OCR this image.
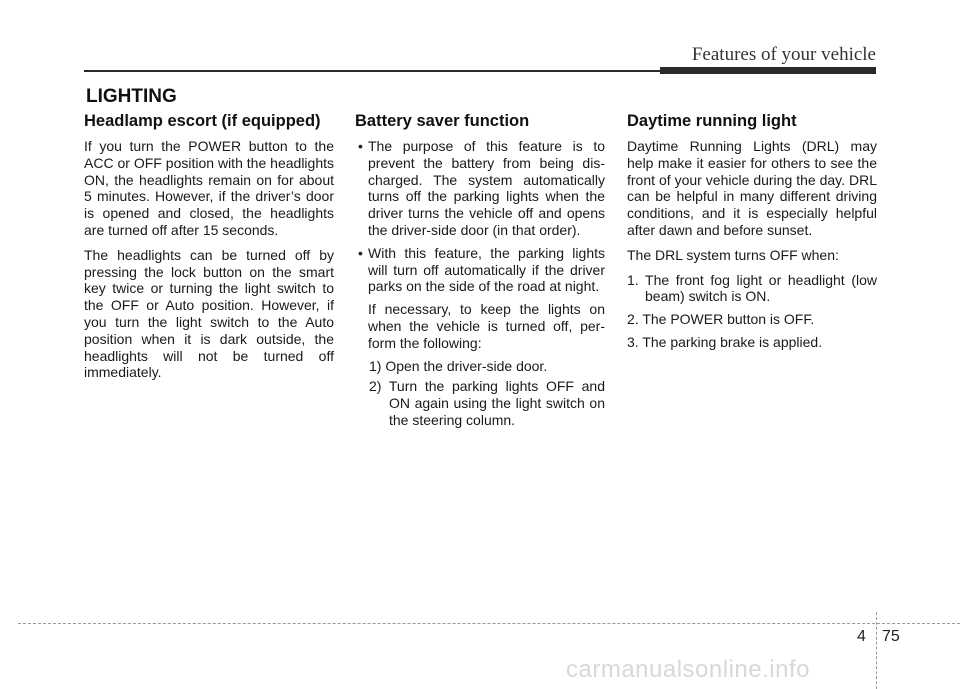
Features of your vehicle
LIGHTING
Headlamp escort (if equipped)

If you turn the POWER button to the ACC or OFF position with the headlights ON, the headlights remain on for about 5 minutes. However, if the driver’s door is opened and closed, the headlights are turned off after 15 seconds.

The headlights can be turned off by pressing the lock button on the smart key twice or turning the light switch to the OFF or Auto position. However, if you turn the light switch to the Auto position when it is dark outside, the headlights will not be turned off immediately.

Battery saver function
• The purpose of this feature is to prevent the battery from being discharged. The system automatically turns off the parking lights when the driver turns the vehicle off and opens the driver-side door (in that order).
• With this feature, the parking lights will turn off automatically if the driver parks on the side of the road at night.

If necessary, to keep the lights on when the vehicle is turned off, perform the following:

1) Open the driver-side door.
2) Turn the parking lights OFF and ON again using the light switch on the steering column.
Daytime running light

Daytime Running Lights (DRL) may help make it easier for others to see the front of your vehicle during the day. DRL can be helpful in many different driving conditions, and it is especially helpful after dawn and before sunset.

The DRL system turns OFF when:

1. The front fog light or headlight (low beam) switch is ON.
2. The POWER button is OFF.
3. The parking brake is applied.
4 75
carmanualsonline.info
